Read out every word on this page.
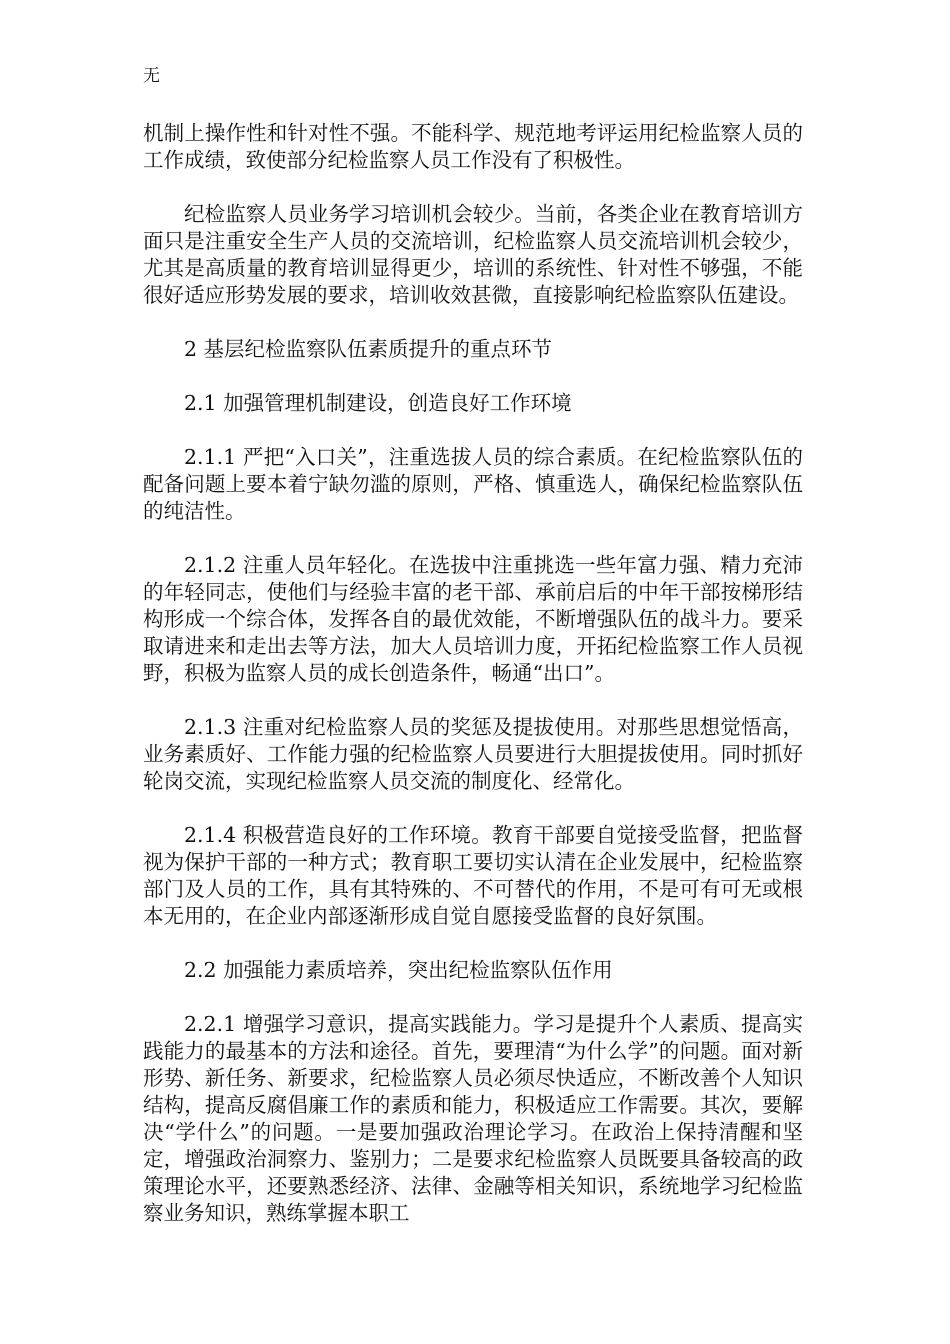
无

机制上操作性和针对性不强。不能科学、规范地考评运用纪检监察人员的工作成绩，致使部分纪检监察人员工作没有了积极性。

纪检监察人员业务学习培训机会较少。当前，各类企业在教育培训方面只是注重安全生产人员的交流培训，纪检监察人员交流培训机会较少，尤其是高质量的教育培训显得更少，培训的系统性、针对性不够强，不能很好适应形势发展的要求，培训收效甚微，直接影响纪检监察队伍建设。

2 基层纪检监察队伍素质提升的重点环节

2.1 加强管理机制建设，创造良好工作环境

2.1.1 严把“入口关”，注重选拔人员的综合素质。在纪检监察队伍的配备问题上要本着宁缺勿滥的原则，严格、慎重选人，确保纪检监察队伍的纯洁性。

2.1.2 注重人员年轻化。在选拔中注重挑选一些年富力强、精力充沛的年轻同志，使他们与经验丰富的老干部、承前启后的中年干部按梯形结构形成一个综合体，发挥各自的最优效能，不断增强队伍的战斗力。要采取请进来和走出去等方法，加大人员培训力度，开拓纪检监察工作人员视野，积极为监察人员的成长创造条件，畅通“出口”。

2.1.3 注重对纪检监察人员的奖惩及提拔使用。对那些思想觉悟高，业务素质好、工作能力强的纪检监察人员要进行大胆提拔使用。同时抓好轮岗交流，实现纪检监察人员交流的制度化、经常化。

2.1.4 积极营造良好的工作环境。教育干部要自觉接受监督，把监督视为保护干部的一种方式；教育职工要切实认清在企业发展中，纪检监察部门及人员的工作，具有其特殊的、不可替代的作用，不是可有可无或根本无用的，在企业内部逐渐形成自觉自愿接受监督的良好氛围。

2.2 加强能力素质培养，突出纪检监察队伍作用

2.2.1 增强学习意识，提高实践能力。学习是提升个人素质、提高实践能力的最基本的方法和途径。首先，要理清“为什么学”的问题。面对新形势、新任务、新要求，纪检监察人员必须尽快适应，不断改善个人知识结构，提高反腐倡廉工作的素质和能力，积极适应工作需要。其次，要解决“学什么”的问题。一是要加强政治理论学习。在政治上保持清醒和坚定，增强政治洞察力、鉴别力；二是要求纪检监察人员既要具备较高的政策理论水平，还要熟悉经济、法律、金融等相关知识，系统地学习纪检监察业务知识，熟练掌握本职工
